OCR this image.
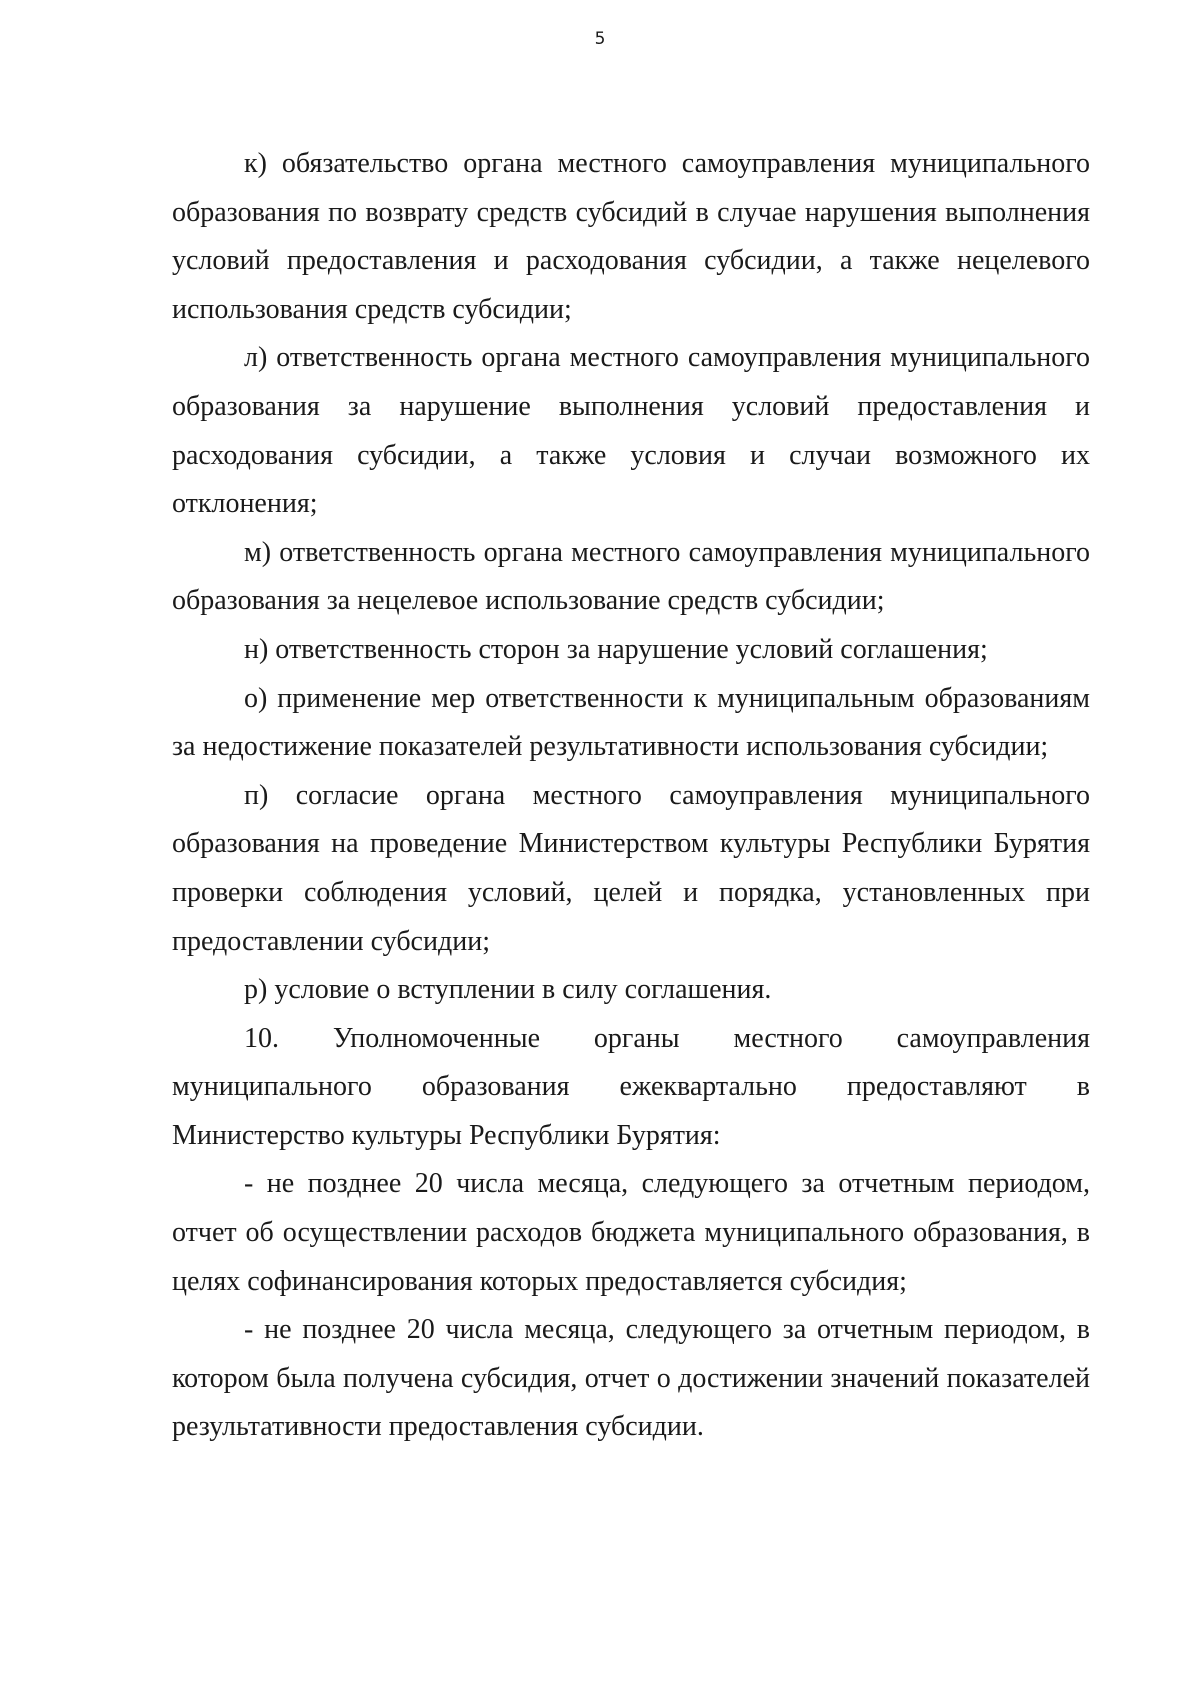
5

к) обязательство органа местного самоуправления муниципального образования по возврату средств субсидий в случае нарушения выполнения условий предоставления и расходования субсидии, а также нецелевого использования средств субсидии;

л) ответственность органа местного самоуправления муниципального образования за нарушение выполнения условий предоставления и расходования субсидии, а также условия и случаи возможного их отклонения;

м) ответственность органа местного самоуправления муниципального образования за нецелевое использование средств субсидии;

н) ответственность сторон за нарушение условий соглашения;

о) применение мер ответственности к муниципальным образованиям за недостижение показателей результативности использования субсидии;

п) согласие органа местного самоуправления муниципального образования на проведение Министерством культуры Республики Бурятия проверки соблюдения условий, целей и порядка, установленных при предоставлении субсидии;

р) условие о вступлении в силу соглашения.

10. Уполномоченные органы местного самоуправления муниципального образования ежеквартально предоставляют в Министерство культуры Республики Бурятия:

- не позднее 20 числа месяца, следующего за отчетным периодом, отчет об осуществлении расходов бюджета муниципального образования, в целях софинансирования которых предоставляется субсидия;

- не позднее 20 числа месяца, следующего за отчетным периодом, в котором была получена субсидия, отчет о достижении значений показателей результативности предоставления субсидии.
